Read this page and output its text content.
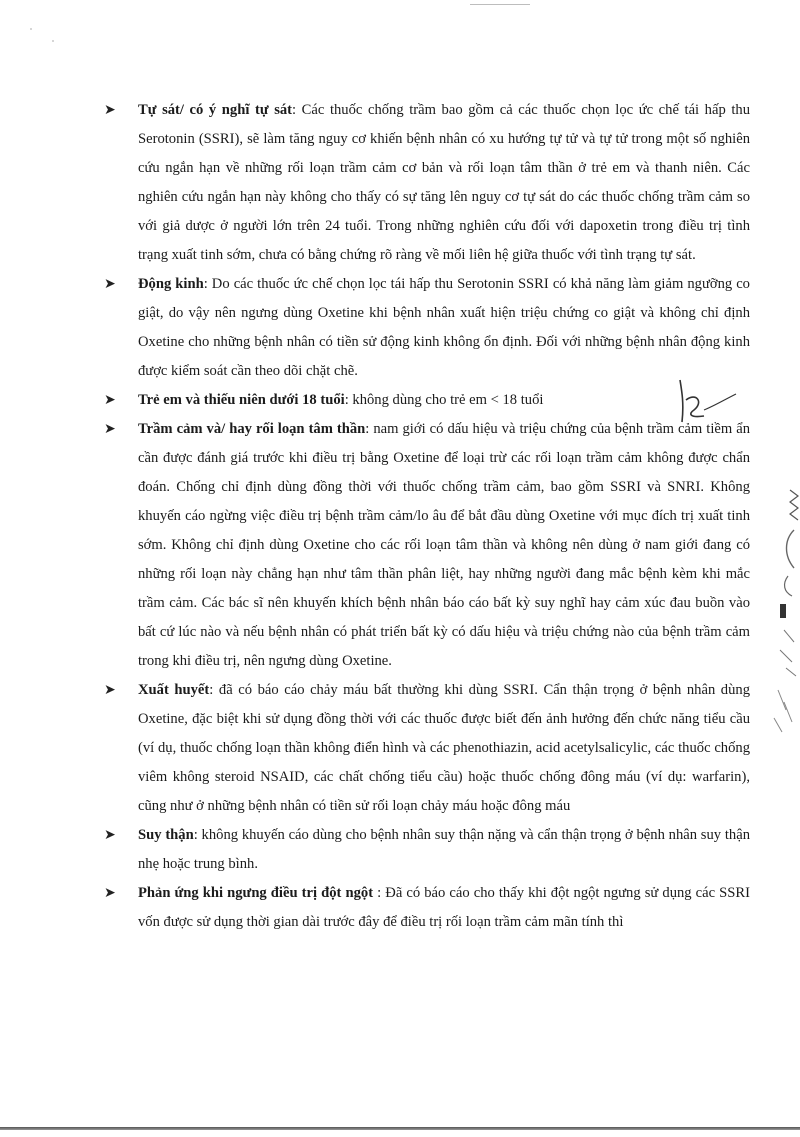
➤	Tự sát/ có ý nghĩ tự sát: Các thuốc chống trầm bao gồm cả các thuốc chọn lọc ức chế tái hấp thu Serotonin (SSRI), sẽ làm tăng nguy cơ khiến bệnh nhân có xu hướng tự tử và tự tử trong một số nghiên cứu ngắn hạn về những rối loạn trầm cảm cơ bản và rối loạn tâm thần ở trẻ em và thanh niên. Các nghiên cứu ngắn hạn này không cho thấy có sự tăng lên nguy cơ tự sát do các thuốc chống trầm cảm so với giả dược ở người lớn trên 24 tuổi. Trong những nghiên cứu đối với dapoxetin trong điều trị tình trạng xuất tinh sớm, chưa có bằng chứng rõ ràng về mối liên hệ giữa thuốc với tình trạng tự sát.
➤	Động kinh: Do các thuốc ức chế chọn lọc tái hấp thu Serotonin SSRI có khả năng làm giảm ngưỡng co giật, do vậy nên ngưng dùng Oxetine khi bệnh nhân xuất hiện triệu chứng co giật và không chỉ định Oxetine cho những bệnh nhân có tiền sử động kinh không ổn định. Đối với những bệnh nhân động kinh được kiểm soát cần theo dõi chặt chẽ.
➤	Trẻ em và thiếu niên dưới 18 tuổi: không dùng cho trẻ em < 18 tuổi
➤	Trầm cảm và/ hay rối loạn tâm thần: nam giới có dấu hiệu và triệu chứng của bệnh trầm cảm tiềm ẩn cần được đánh giá trước khi điều trị bằng Oxetine để loại trừ các rối loạn trầm cảm không được chẩn đoán. Chống chỉ định dùng đồng thời với thuốc chống trầm cảm, bao gồm SSRI và SNRI. Không khuyến cáo ngừng việc điều trị bệnh trầm cảm/lo âu để bắt đầu dùng Oxetine với mục đích trị xuất tinh sớm. Không chỉ định dùng Oxetine cho các rối loạn tâm thần và không nên dùng ở nam giới đang có những rối loạn này chẳng hạn như tâm thần phân liệt, hay những người đang mắc bệnh kèm khi mắc trầm cảm. Các bác sĩ nên khuyến khích bệnh nhân báo cáo bất kỳ suy nghĩ hay cảm xúc đau buồn vào bất cứ lúc nào và nếu bệnh nhân có phát triển bất kỳ có dấu hiệu và triệu chứng nào của bệnh trầm cảm trong khi điều trị, nên ngưng dùng Oxetine.
➤	Xuất huyết: đã có báo cáo chảy máu bất thường khi dùng SSRI. Cẩn thận trọng ở bệnh nhân dùng Oxetine, đặc biệt khi sử dụng đồng thời với các thuốc được biết đến ảnh hưởng đến chức năng tiểu cầu (ví dụ, thuốc chống loạn thần không điển hình và các phenothiazin, acid acetylsalicylic, các thuốc chống viêm không steroid NSAID, các chất chống tiểu cầu) hoặc thuốc chống đông máu (ví dụ: warfarin), cũng như ở những bệnh nhân có tiền sử rối loạn chảy máu hoặc đông máu
➤	Suy thận: không khuyến cáo dùng cho bệnh nhân suy thận nặng và cẩn thận trọng ở bệnh nhân suy thận nhẹ hoặc trung bình.
➤	Phản ứng khi ngưng điều trị đột ngột : Đã có báo cáo cho thấy khi đột ngột ngưng sử dụng các SSRI vốn được sử dụng thời gian dài trước đây để điều trị rối loạn trầm cảm mãn tính thì
